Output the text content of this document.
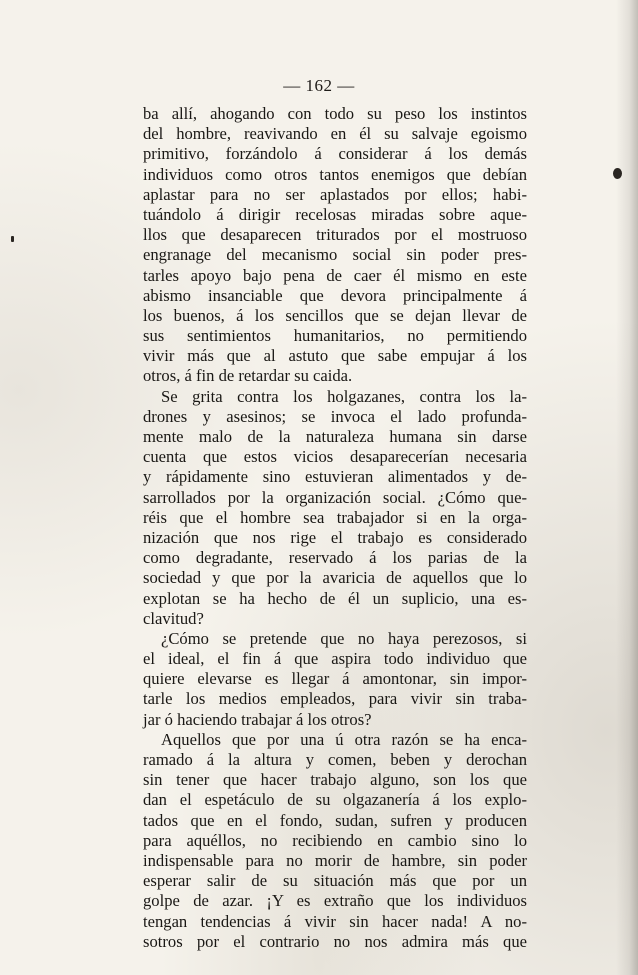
— 162 —
ba allí, ahogando con todo su peso los instintos
del hombre, reavivando en él su salvaje egoismo
primitivo, forzándolo á considerar á los demás
individuos como otros tantos enemigos que debían
aplastar para no ser aplastados por ellos; habi-
tuándolo á dirigir recelosas miradas sobre aque-
llos que desaparecen triturados por el mostruoso
engranage del mecanismo social sin poder pres-
tarles apoyo bajo pena de caer él mismo en este
abismo insanciable que devora principalmente á
los buenos, á los sencillos que se dejan llevar de
sus sentimientos humanitarios, no permitiendo
vivir más que al astuto que sabe empujar á los
otros, á fin de retardar su caida.
Se grita contra los holgazanes, contra los la-
drones y asesinos; se invoca el lado profunda-
mente malo de la naturaleza humana sin darse
cuenta que estos vicios desaparecerían necesaria
y rápidamente sino estuvieran alimentados y de-
sarrollados por la organización social. ¿Cómo que-
réis que el hombre sea trabajador si en la orga-
nización que nos rige el trabajo es considerado
como degradante, reservado á los parias de la
sociedad y que por la avaricia de aquellos que lo
explotan se ha hecho de él un suplicio, una es-
clavitud?
¿Cómo se pretende que no haya perezosos, si
el ideal, el fin á que aspira todo individuo que
quiere elevarse es llegar á amontonar, sin impor-
tarle los medios empleados, para vivir sin traba-
jar ó haciendo trabajar á los otros?
Aquellos que por una ú otra razón se ha enca-
ramado á la altura y comen, beben y derochan
sin tener que hacer trabajo alguno, son los que
dan el espetáculo de su olgazanería á los explo-
tados que en el fondo, sudan, sufren y producen
para aquéllos, no recibiendo en cambio sino lo
indispensable para no morir de hambre, sin poder
esperar salir de su situación más que por un
golpe de azar. ¡Y es extraño que los individuos
tengan tendencias á vivir sin hacer nada! A no-
sotros por el contrario no nos admira más que
